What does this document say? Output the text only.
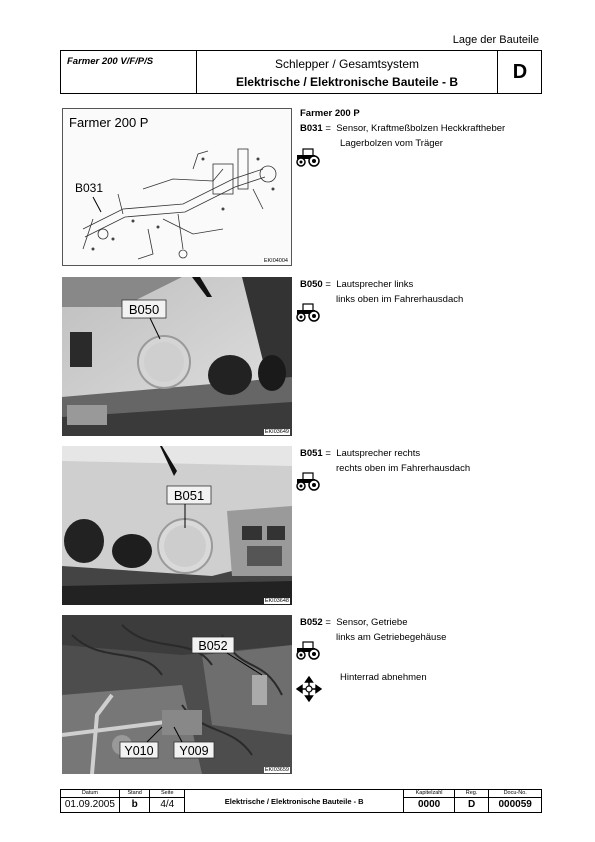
Lage der Bauteile
Farmer 200 V/F/P/S	Schlepper / Gesamtsystem
Elektrische / Elektronische Bauteile - B	D
Farmer 200 P
B031
EKI04004
B050
EKI03649
B051
EKI03648
B052
Y010 Y009
EKI03659
Farmer 200 P
B031 = Sensor, Kraftmeßbolzen Heckkraftheber
Lagerbolzen vom Träger
B050 = Lautsprecher links
links oben im Fahrerhausdach
B051 = Lautsprecher rechts
rechts oben im Fahrerhausdach
B052 = Sensor, Getriebe
links am Getriebegehäuse
Hinterrad abnehmen
Datum	Stand	Seite	Elektrische / Elektronische Bauteile - B	Kapitelzahl	Reg.	Docu-No.
01.09.2005	b	4/4		0000	D	000059
